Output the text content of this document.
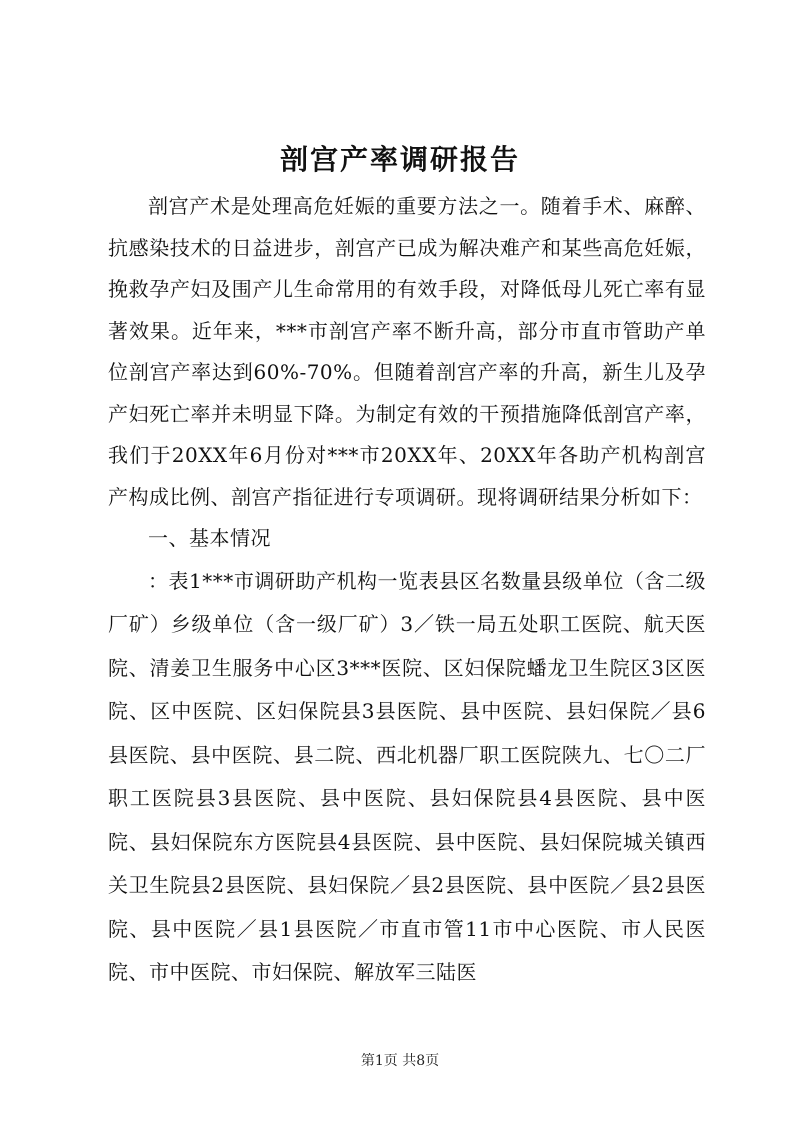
剖宫产率调研报告

剖宫产术是处理高危妊娠的重要方法之一。随着手术、麻醉、抗感染技术的日益进步，剖宫产已成为解决难产和某些高危妊娠，挽救孕产妇及围产儿生命常用的有效手段，对降低母儿死亡率有显著效果。近年来，***市剖宫产率不断升高，部分市直市管助产单位剖宫产率达到60%-70%。但随着剖宫产率的升高，新生儿及孕产妇死亡率并未明显下降。为制定有效的干预措施降低剖宫产率，我们于20XX年6月份对***市20XX年、20XX年各助产机构剖宫产构成比例、剖宫产指征进行专项调研。现将调研结果分析如下：

一、基本情况

：表1***市调研助产机构一览表县区名数量县级单位（含二级厂矿）乡级单位（含一级厂矿）3／铁一局五处职工医院、航天医院、清姜卫生服务中心区3***医院、区妇保院蟠龙卫生院区3区医院、区中医院、区妇保院县3县医院、县中医院、县妇保院／县6县医院、县中医院、县二院、西北机器厂职工医院陕九、七〇二厂职工医院县3县医院、县中医院、县妇保院县4县医院、县中医院、县妇保院东方医院县4县医院、县中医院、县妇保院城关镇西关卫生院县2县医院、县妇保院／县2县医院、县中医院／县2县医院、县中医院／县1县医院／市直市管11市中心医院、市人民医院、市中医院、市妇保院、解放军三陆医

第1页 共8页
